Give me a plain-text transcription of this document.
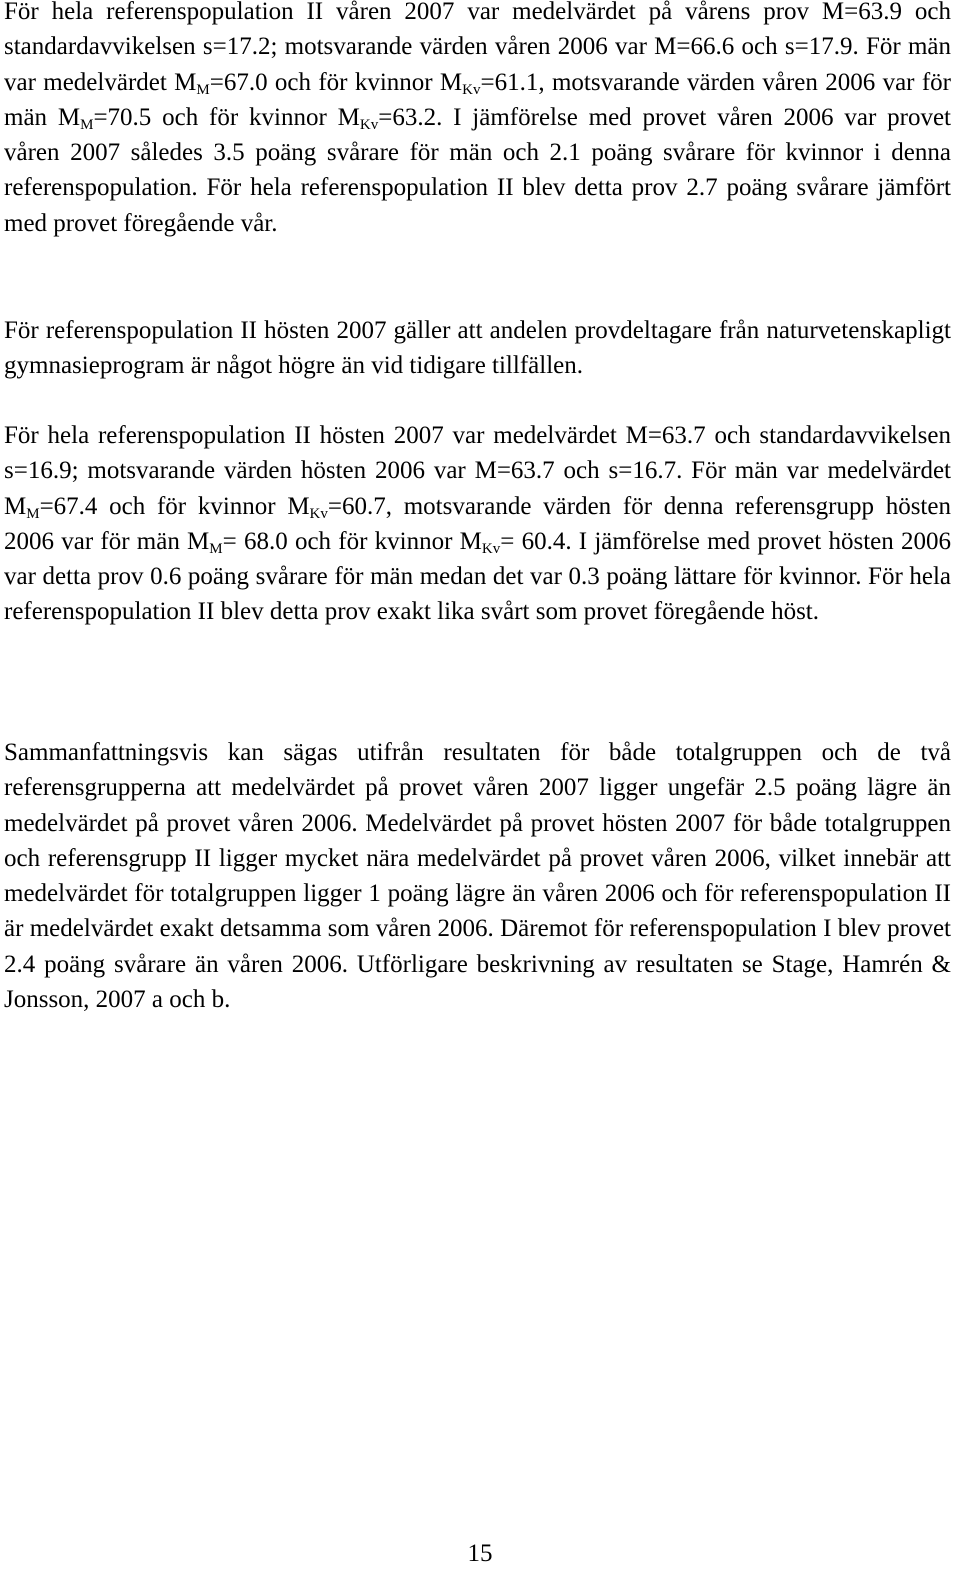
För hela referenspopulation II våren 2007 var medelvärdet på vårens prov M=63.9 och standardavvikelsen s=17.2; motsvarande värden våren 2006 var M=66.6 och s=17.9. För män var medelvärdet $M_M=67.0$ och för kvinnor $M_{Kv}=61.1$, motsvarande värden våren 2006 var för män $M_M=70.5$ och för kvinnor $M_{Kv}=63.2$. I jämförelse med provet våren 2006 var provet våren 2007 således 3.5 poäng svårare för män och 2.1 poäng svårare för kvinnor i denna referenspopulation. För hela referenspopulation II blev detta prov 2.7 poäng svårare jämfört med provet föregående vår.

För referenspopulation II hösten 2007 gäller att andelen provdeltagare från naturvetenskapligt gymnasieprogram är något högre än vid tidigare tillfällen.

För hela referenspopulation II hösten 2007 var medelvärdet M=63.7 och standardavvikelsen s=16.9; motsvarande värden hösten 2006 var M=63.7 och s=16.7. För män var medelvärdet $M_M=67.4$ och för kvinnor $M_{Kv}=60.7$, motsvarande värden för denna referensgrupp hösten 2006 var för män $M_M= 68.0$ och för kvinnor $M_{Kv}= 60.4$. I jämförelse med provet hösten 2006 var detta prov 0.6 poäng svårare för män medan det var 0.3 poäng lättare för kvinnor. För hela referenspopulation II blev detta prov exakt lika svårt som provet föregående höst.

Sammanfattningsvis kan sägas utifrån resultaten för både totalgruppen och de två referensgrupperna att medelvärdet på provet våren 2007 ligger ungefär 2.5 poäng lägre än medelvärdet på provet våren 2006. Medelvärdet på provet hösten 2007 för både totalgruppen och referensgrupp II ligger mycket nära medelvärdet på provet våren 2006, vilket innebär att medelvärdet för totalgruppen ligger 1 poäng lägre än våren 2006 och för referenspopulation II är medelvärdet exakt detsamma som våren 2006. Däremot för referenspopulation I blev provet 2.4 poäng svårare än våren 2006. Utförligare beskrivning av resultaten se Stage, Hamrén & Jonsson, 2007 a och b.

15
